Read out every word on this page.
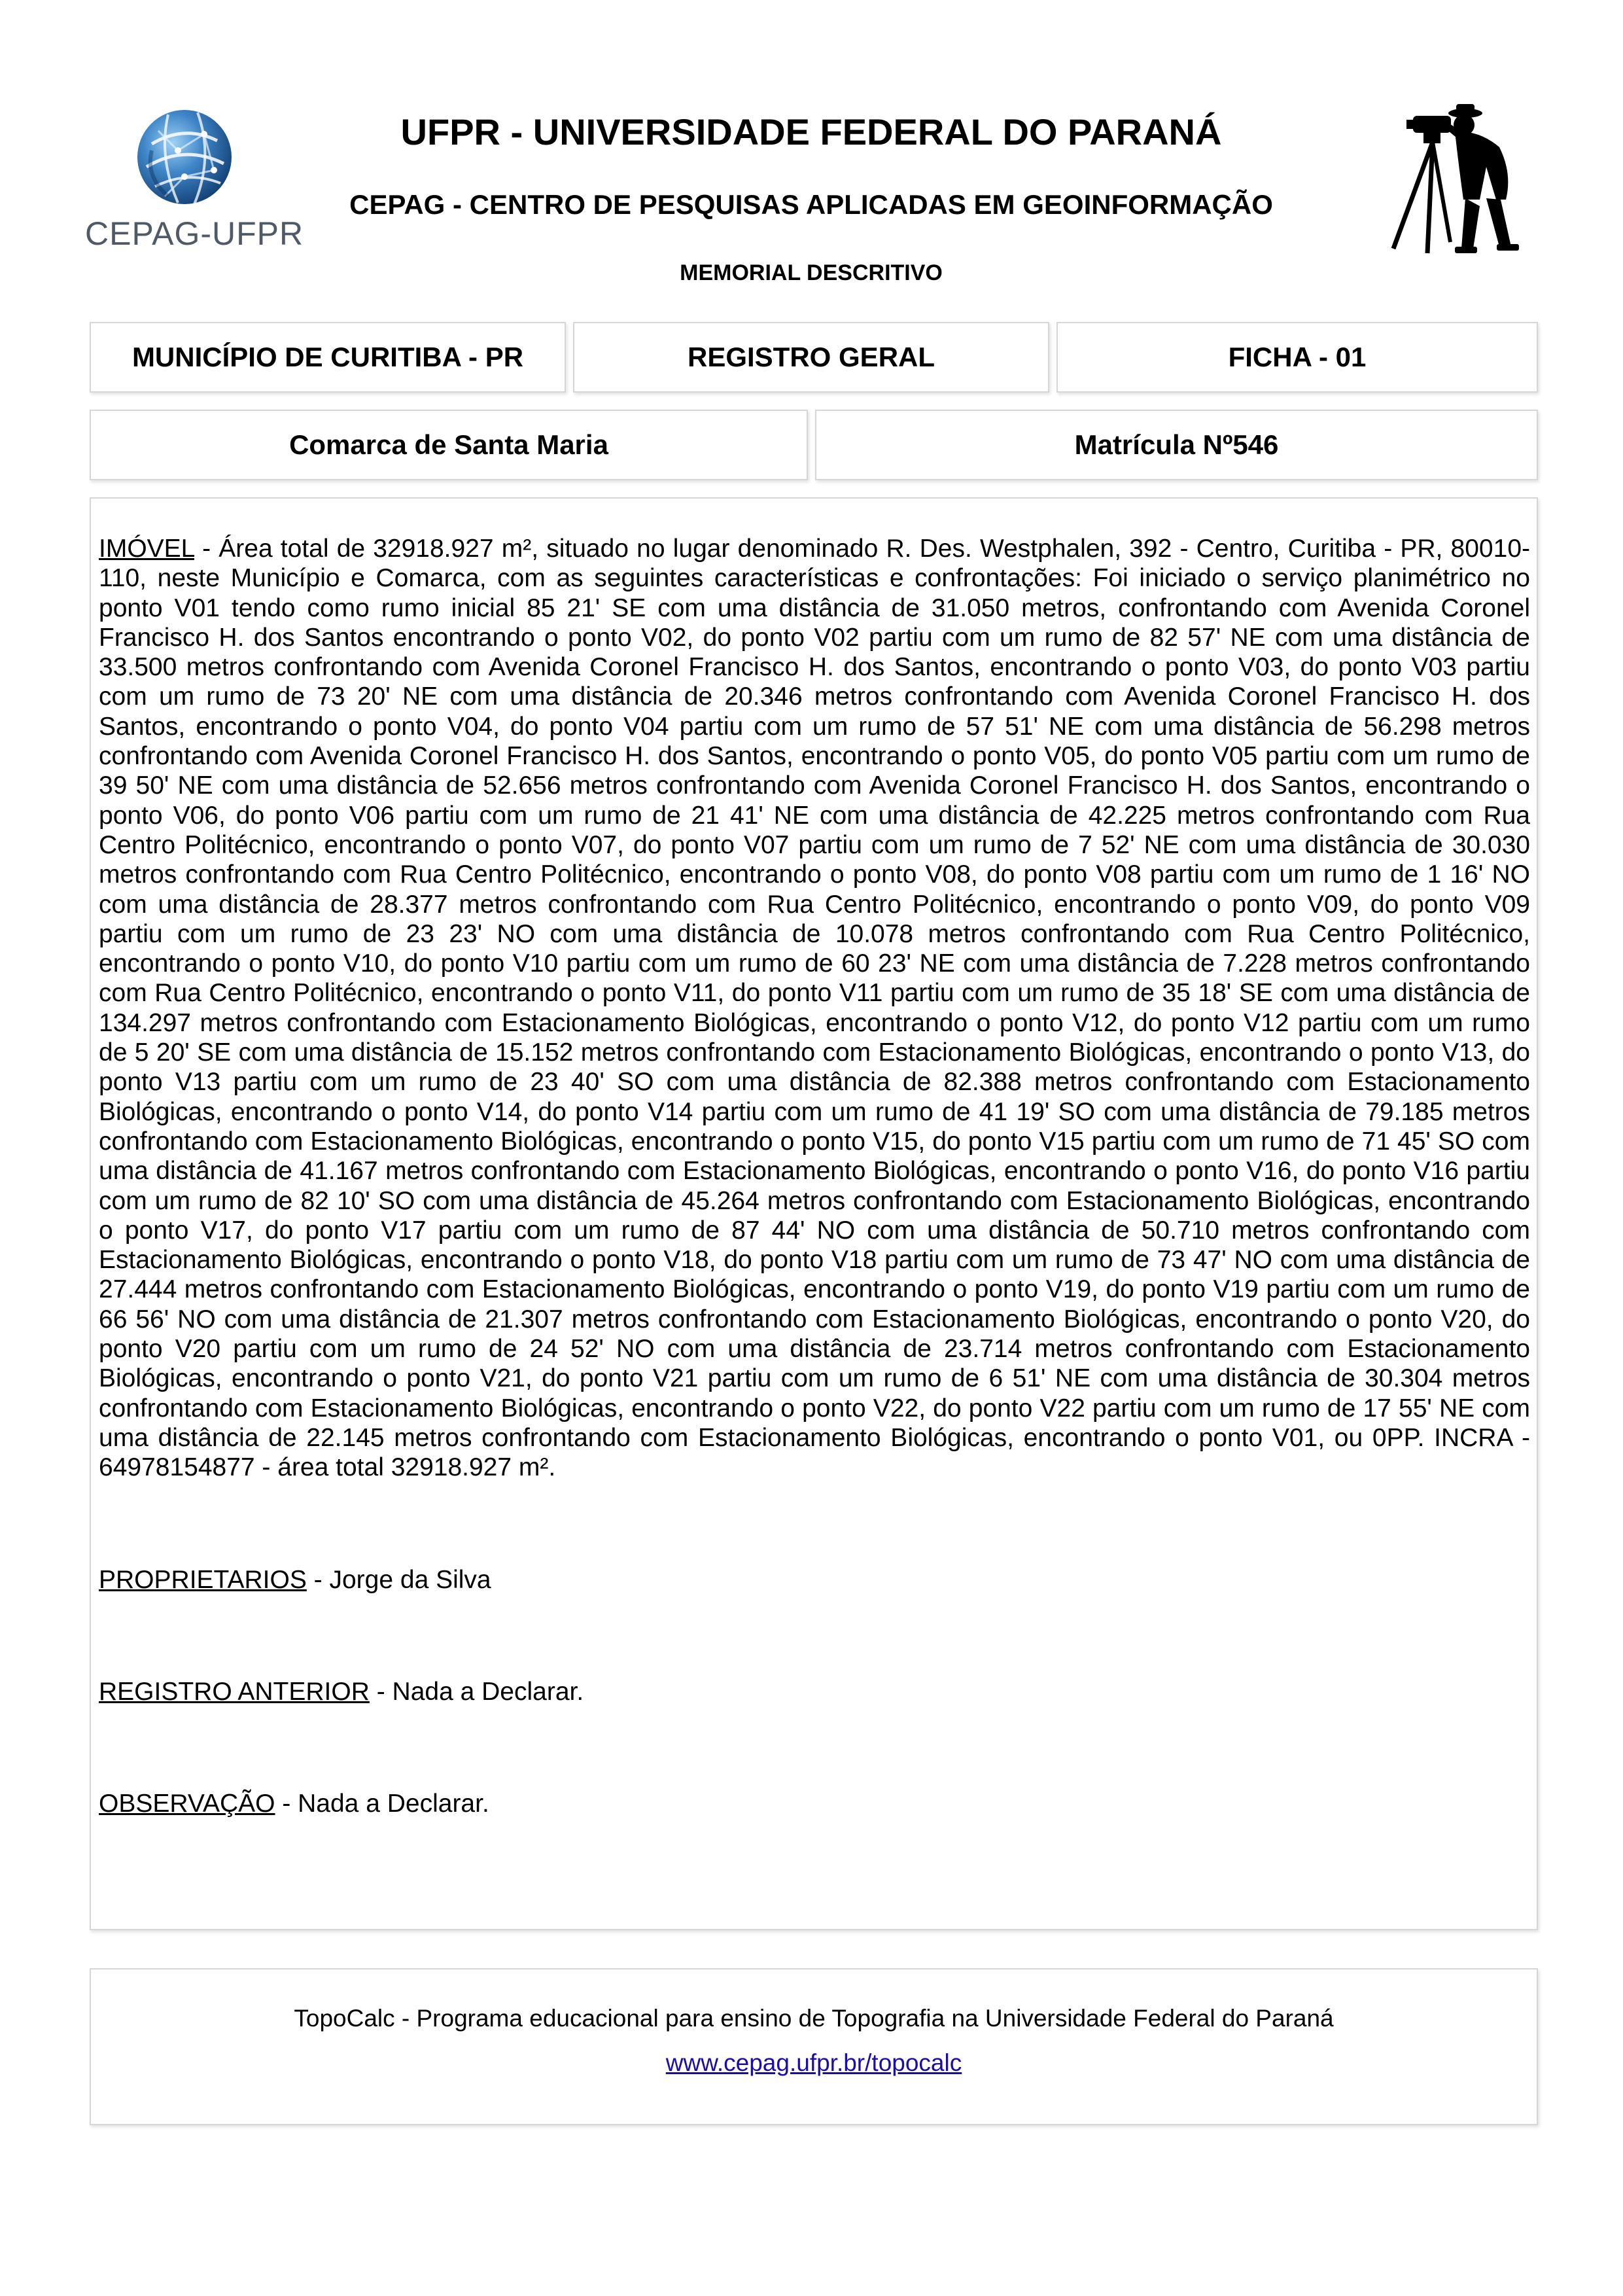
CEPAG-UFPR
UFPR - UNIVERSIDADE FEDERAL DO PARANÁ
CEPAG - CENTRO DE PESQUISAS APLICADAS EM GEOINFORMAÇÃO
MEMORIAL DESCRITIVO
MUNICÍPIO DE CURITIBA - PR	REGISTRO GERAL	FICHA - 01
Comarca de Santa Maria	Matrícula Nº546
IMÓVEL - Área total de 32918.927 m², situado no lugar denominado R. Des. Westphalen, 392 - Centro, Curitiba - PR, 80010-110, neste Município e Comarca, com as seguintes características e confrontações: Foi iniciado o serviço planimétrico no ponto V01 tendo como rumo inicial 85 21' SE com uma distância de 31.050 metros, confrontando com Avenida Coronel Francisco H. dos Santos encontrando o ponto V02, do ponto V02 partiu com um rumo de 82 57' NE com uma distância de 33.500 metros confrontando com Avenida Coronel Francisco H. dos Santos, encontrando o ponto V03, do ponto V03 partiu com um rumo de 73 20' NE com uma distância de 20.346 metros confrontando com Avenida Coronel Francisco H. dos Santos, encontrando o ponto V04, do ponto V04 partiu com um rumo de 57 51' NE com uma distância de 56.298 metros confrontando com Avenida Coronel Francisco H. dos Santos, encontrando o ponto V05, do ponto V05 partiu com um rumo de 39 50' NE com uma distância de 52.656 metros confrontando com Avenida Coronel Francisco H. dos Santos, encontrando o ponto V06, do ponto V06 partiu com um rumo de 21 41' NE com uma distância de 42.225 metros confrontando com Rua Centro Politécnico, encontrando o ponto V07, do ponto V07 partiu com um rumo de 7 52' NE com uma distância de 30.030 metros confrontando com Rua Centro Politécnico, encontrando o ponto V08, do ponto V08 partiu com um rumo de 1 16' NO com uma distância de 28.377 metros confrontando com Rua Centro Politécnico, encontrando o ponto V09, do ponto V09 partiu com um rumo de 23 23' NO com uma distância de 10.078 metros confrontando com Rua Centro Politécnico, encontrando o ponto V10, do ponto V10 partiu com um rumo de 60 23' NE com uma distância de 7.228 metros confrontando com Rua Centro Politécnico, encontrando o ponto V11, do ponto V11 partiu com um rumo de 35 18' SE com uma distância de 134.297 metros confrontando com Estacionamento Biológicas, encontrando o ponto V12, do ponto V12 partiu com um rumo de 5 20' SE com uma distância de 15.152 metros confrontando com Estacionamento Biológicas, encontrando o ponto V13, do ponto V13 partiu com um rumo de 23 40' SO com uma distância de 82.388 metros confrontando com Estacionamento Biológicas, encontrando o ponto V14, do ponto V14 partiu com um rumo de 41 19' SO com uma distância de 79.185 metros confrontando com Estacionamento Biológicas, encontrando o ponto V15, do ponto V15 partiu com um rumo de 71 45' SO com uma distância de 41.167 metros confrontando com Estacionamento Biológicas, encontrando o ponto V16, do ponto V16 partiu com um rumo de 82 10' SO com uma distância de 45.264 metros confrontando com Estacionamento Biológicas, encontrando o ponto V17, do ponto V17 partiu com um rumo de 87 44' NO com uma distância de 50.710 metros confrontando com Estacionamento Biológicas, encontrando o ponto V18, do ponto V18 partiu com um rumo de 73 47' NO com uma distância de 27.444 metros confrontando com Estacionamento Biológicas, encontrando o ponto V19, do ponto V19 partiu com um rumo de 66 56' NO com uma distância de 21.307 metros confrontando com Estacionamento Biológicas, encontrando o ponto V20, do ponto V20 partiu com um rumo de 24 52' NO com uma distância de 23.714 metros confrontando com Estacionamento Biológicas, encontrando o ponto V21, do ponto V21 partiu com um rumo de 6 51' NE com uma distância de 30.304 metros confrontando com Estacionamento Biológicas, encontrando o ponto V22, do ponto V22 partiu com um rumo de 17 55' NE com uma distância de 22.145 metros confrontando com Estacionamento Biológicas, encontrando o ponto V01, ou 0PP. INCRA - 64978154877 - área total 32918.927 m².
PROPRIETARIOS - Jorge da Silva
REGISTRO ANTERIOR - Nada a Declarar.
OBSERVAÇÃO - Nada a Declarar.
TopoCalc - Programa educacional para ensino de Topografia na Universidade Federal do Paraná
www.cepag.ufpr.br/topocalc
